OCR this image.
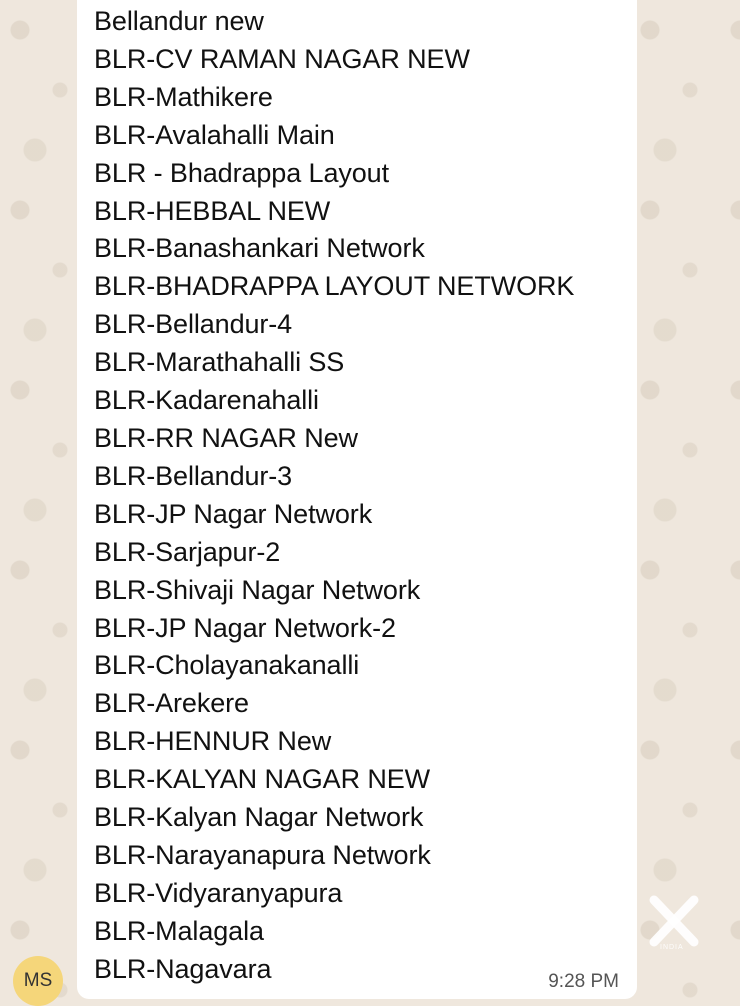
Bellandur new
BLR-CV RAMAN NAGAR NEW
BLR-Mathikere
BLR-Avalahalli Main
BLR - Bhadrappa Layout
BLR-HEBBAL NEW
BLR-Banashankari Network
BLR-BHADRAPPA LAYOUT NETWORK
BLR-Bellandur-4
BLR-Marathahalli SS
BLR-Kadarenahalli
BLR-RR NAGAR New
BLR-Bellandur-3
BLR-JP Nagar Network
BLR-Sarjapur-2
BLR-Shivaji Nagar Network
BLR-JP Nagar Network-2
BLR-Cholayanakanalli
BLR-Arekere
BLR-HENNUR New
BLR-KALYAN NAGAR NEW
BLR-Kalyan Nagar Network
BLR-Narayanapura Network
BLR-Vidyaranyapura
BLR-Malagala
BLR-Nagavara	9:28 PM
MS
INDIA
